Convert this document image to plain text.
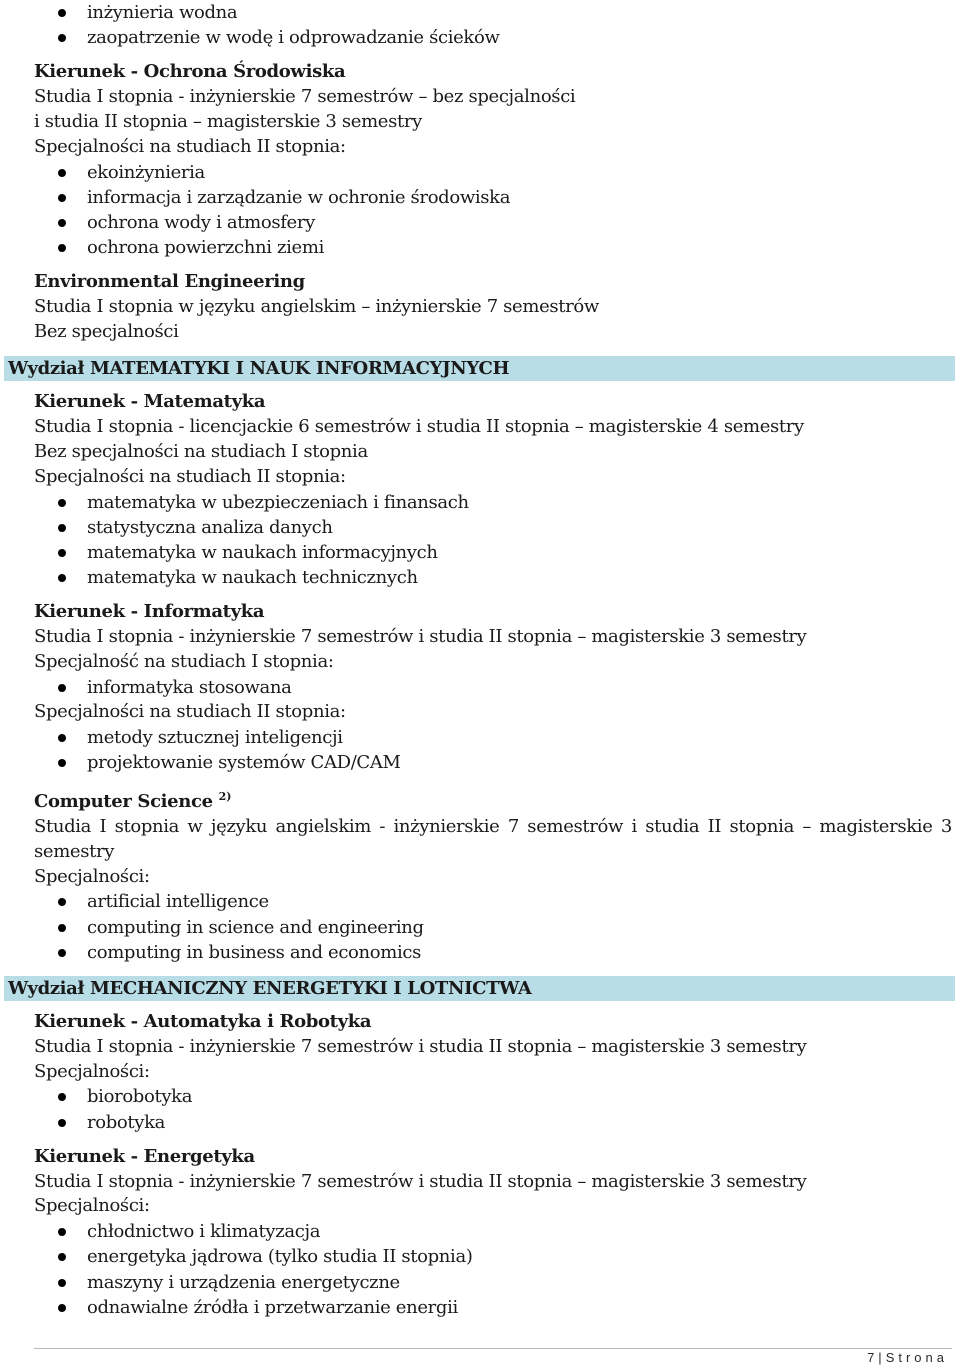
inżynieria wodna
zaopatrzenie w wodę i odprowadzanie ścieków
Kierunek - Ochrona Środowiska
Studia I stopnia - inżynierskie 7 semestrów – bez specjalności
i studia II stopnia – magisterskie 3 semestry
Specjalności na studiach II stopnia:
ekoinżynieria
informacja i zarządzanie w ochronie środowiska
ochrona wody i atmosfery
ochrona powierzchni ziemi
Environmental Engineering
Studia I stopnia w języku angielskim – inżynierskie 7 semestrów
Bez specjalności
Wydział MATEMATYKI I NAUK INFORMACYJNYCH
Kierunek - Matematyka
Studia I stopnia - licencjackie 6 semestrów i studia II stopnia – magisterskie 4 semestry
Bez specjalności na studiach I stopnia
Specjalności na studiach II stopnia:
matematyka w ubezpieczeniach i finansach
statystyczna analiza danych
matematyka w naukach informacyjnych
matematyka w naukach technicznych
Kierunek - Informatyka
Studia I stopnia - inżynierskie 7 semestrów i studia II stopnia – magisterskie 3 semestry
Specjalność na studiach I stopnia:
informatyka stosowana
Specjalności na studiach II stopnia:
metody sztucznej inteligencji
projektowanie systemów CAD/CAM
Computer Science $^{2)}$
Studia I stopnia w języku angielskim - inżynierskie 7 semestrów i studia II stopnia – magisterskie 3 semestry
Specjalności:
artificial intelligence
computing in science and engineering
computing in business and economics
Wydział MECHANICZNY ENERGETYKI I LOTNICTWA
Kierunek - Automatyka i Robotyka
Studia I stopnia - inżynierskie 7 semestrów i studia II stopnia – magisterskie 3 semestry
Specjalności:
biorobotyka
robotyka
Kierunek - Energetyka
Studia I stopnia - inżynierskie 7 semestrów i studia II stopnia – magisterskie 3 semestry
Specjalności:
chłodnictwo i klimatyzacja
energetyka jądrowa (tylko studia II stopnia)
maszyny i urządzenia energetyczne
odnawialne źródła i przetwarzanie energii
7|Strona
